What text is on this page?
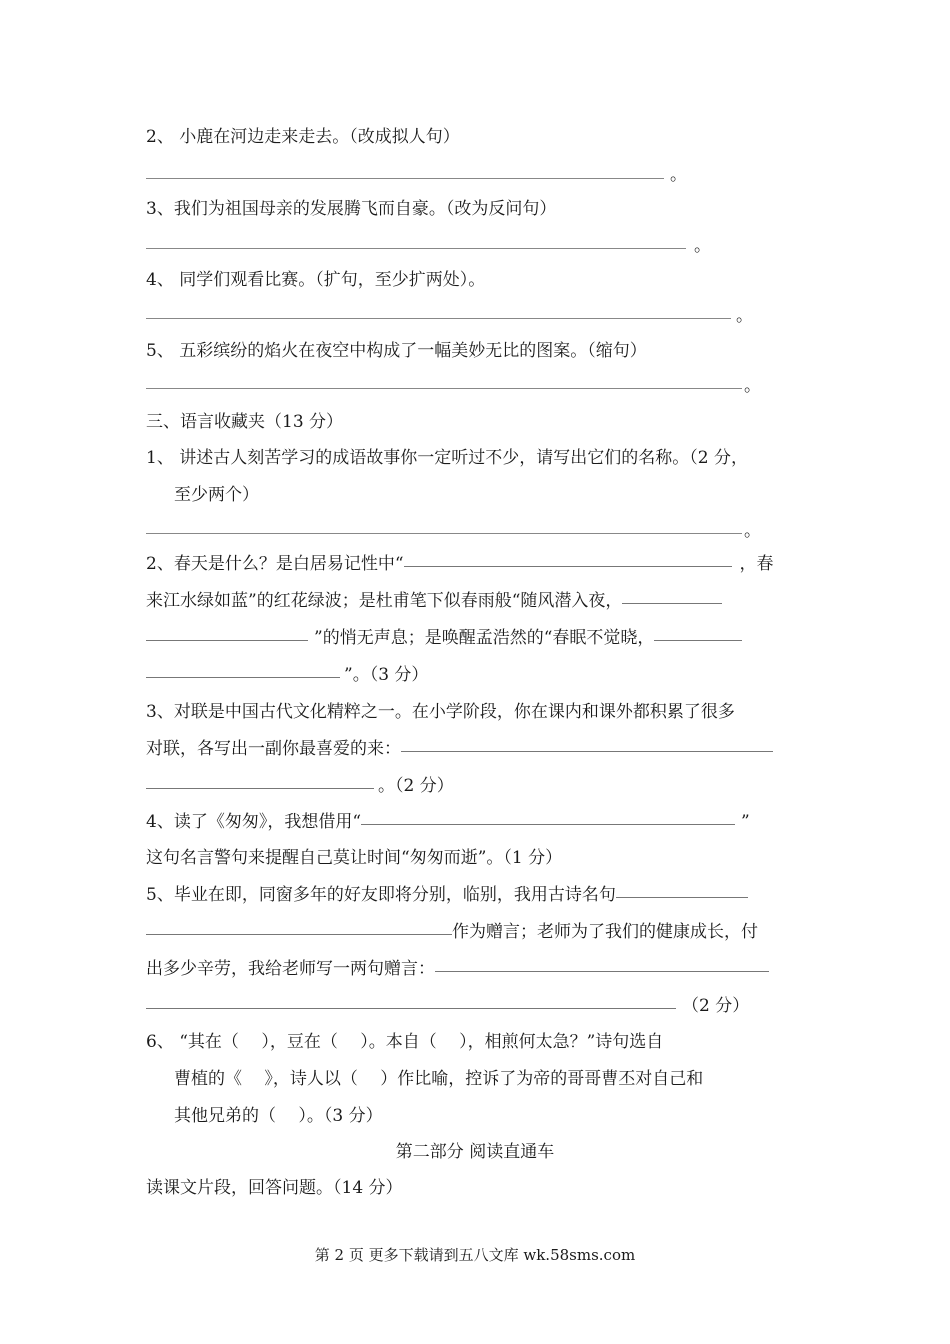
2、 小鹿在河边走来走去。（改成拟人句）
。
3、我们为祖国母亲的发展腾飞而自豪。（改为反问句）
。
4、 同学们观看比赛。（扩句，至少扩两处）。
。
5、 五彩缤纷的焰火在夜空中构成了一幅美妙无比的图案。（缩句）
。
三、语言收藏夹（13 分）
1、 讲述古人刻苦学习的成语故事你一定听过不少，请写出它们的名称。（2 分，
至少两个）
。
2、春天是什么？是白居易记性中“	，春
来江水绿如蓝”的红花绿波；是杜甫笔下似春雨般“随风潜入夜，
”的悄无声息；是唤醒孟浩然的“春眠不觉晓，
”。（3 分）
3、对联是中国古代文化精粹之一。在小学阶段，你在课内和课外都积累了很多
对联，各写出一副你最喜爱的来：
。（2 分）
4、读了《匆匆》，我想借用“	”
这句名言警句来提醒自己莫让时间“匆匆而逝”。（1 分）
5、毕业在即，同窗多年的好友即将分别，临别，我用古诗名句
作为赠言；老师为了我们的健康成长，付
出多少辛劳，我给老师写一两句赠言：
（2 分）
6、 “其在（　 ），豆在（　 ）。本自（　 ），相煎何太急？”诗句选自
曹植的《　 》，诗人以（　 ）作比喻，控诉了为帝的哥哥曹丕对自己和
其他兄弟的（　 ）。（3 分）
第二部分 阅读直通车
读课文片段，回答问题。（14 分）
第 2 页 更多下载请到五八文库 wk.58sms.com
